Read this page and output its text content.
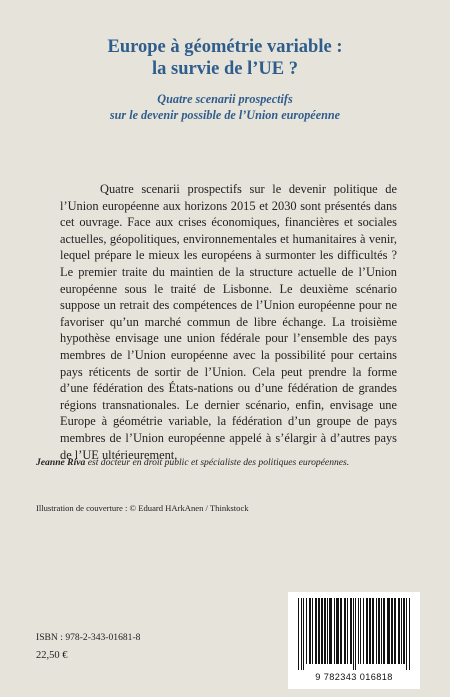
Europe à géométrie variable :
la survie de l’UE ?
Quatre scenarii prospectifs
sur le devenir possible de l’Union européenne

Quatre scenarii prospectifs sur le devenir politique de l’Union européenne aux horizons 2015 et 2030 sont présentés dans cet ouvrage. Face aux crises économiques, financières et sociales actuelles, géopolitiques, environnementales et humanitaires à venir, lequel prépare le mieux les européens à surmonter les difficultés ? Le premier traite du maintien de la structure actuelle de l’Union européenne sous le traité de Lisbonne. Le deuxième scénario suppose un retrait des compétences de l’Union européenne pour ne favoriser qu’un marché commun de libre échange. La troisième hypothèse envisage une union fédérale pour l’ensemble des pays membres de l’Union européenne avec la possibilité pour certains pays réticents de sortir de l’Union. Cela peut prendre la forme d’une fédération des États-nations ou d’une fédération de grandes régions transnationales. Le dernier scénario, enfin, envisage une Europe à géométrie variable, la fédération d’un groupe de pays membres de l’Union européenne appelé à s’élargir à d’autres pays de l’UE ultérieurement.

Jeanne Riva est docteur en droit public et spécialiste des politiques européennes.
Illustration de couverture : © Eduard HArkAnen / Thinkstock
ISBN : 978-2-343-01681-8
22,50 €
9 782343 016818
